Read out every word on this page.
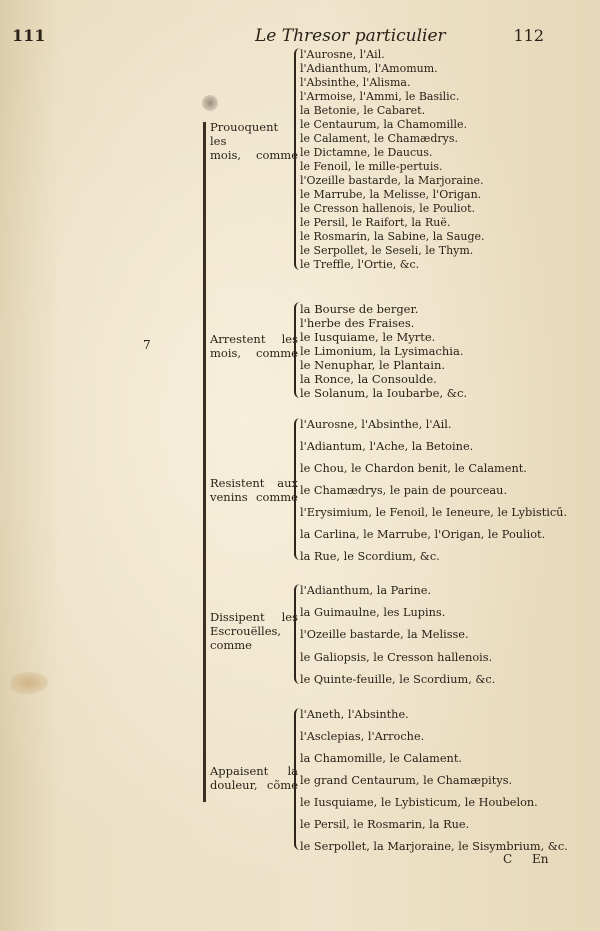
111	Le Thresor particulier	112
7
Prouoquent les
mois, comme
l'Aurosne, l'Ail.
l'Adianthum, l'Amomum.
l'Absinthe, l'Alisma.
l'Armoise, l'Ammi, le Basilic.
la Betonie, le Cabaret.
le Centaurum, la Chamomille.
le Calament, le Chamædrys.
le Dictamne, le Daucus.
le Fenoil, le mille-pertuis.
l'Ozeille bastarde, la Marjoraine.
le Marrube, la Melisse, l'Origan.
le Cresson hallenois, le Pouliot.
le Persil, le Raifort, la Ruë.
le Rosmarin, la Sabine, la Sauge.
le Serpollet, le Seseli, le Thym.
le Treffle, l'Ortie, &c.
Arrestent les
mois, comme
la Bourse de berger.
l'herbe des Fraises.
le Iusquiame, le Myrte.
le Limonium, la Lysimachia.
le Nenuphar, le Plantain.
la Ronce, la Consoulde.
le Solanum, la Ioubarbe, &c.
Resistent aux
venins comme
l'Aurosne, l'Absinthe, l'Ail.
l'Adiantum, l'Ache, la Betoine.
le Chou, le Chardon benit, le Calament.
le Chamædrys, le pain de pourceau.
l'Erysimium, le Fenoil, le Ieneure, le Lybisticū.
la Carlina, le Marrube, l'Origan, le Pouliot.
la Rue, le Scordium, &c.
Dissipent les
Escrouëlles,
comme
l'Adianthum, la Parine.
la Guimaulne, les Lupins.
l'Ozeille bastarde, la Melisse.
le Galiopsis, le Cresson hallenois.
le Quinte-feuille, le Scordium, &c.
Appaisent la
douleur, cõme
l'Aneth, l'Absinthe.
l'Asclepias, l'Arroche.
la Chamomille, le Calament.
le grand Centaurum, le Chamæpitys.
le Iusquiame, le Lybisticum, le Houbelon.
le Persil, le Rosmarin, la Rue.
le Serpollet, la Marjoraine, le Sisymbrium, &c.
C En
